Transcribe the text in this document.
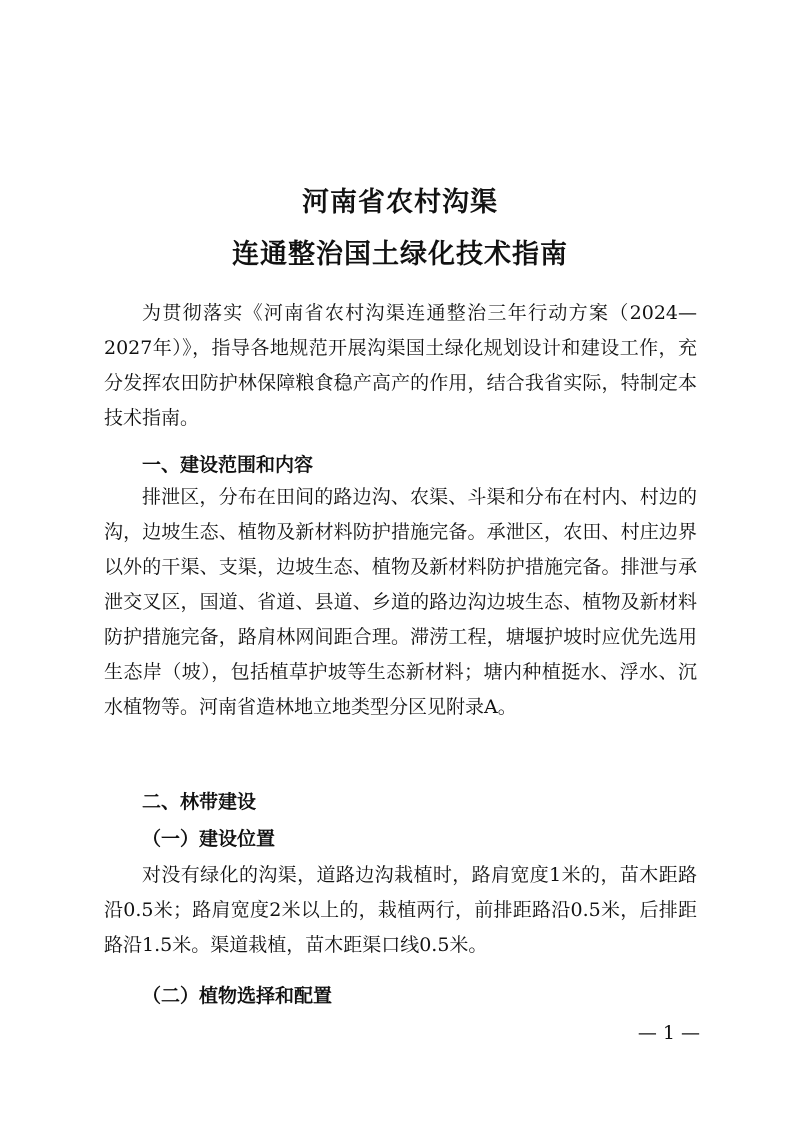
河南省农村沟渠
连通整治国土绿化技术指南

为贯彻落实《河南省农村沟渠连通整治三年行动方案（2024—2027年）》，指导各地规范开展沟渠国土绿化规划设计和建设工作，充分发挥农田防护林保障粮食稳产高产的作用，结合我省实际，特制定本技术指南。

一、建设范围和内容

排泄区，分布在田间的路边沟、农渠、斗渠和分布在村内、村边的沟，边坡生态、植物及新材料防护措施完备。承泄区，农田、村庄边界以外的干渠、支渠，边坡生态、植物及新材料防护措施完备。排泄与承泄交叉区，国道、省道、县道、乡道的路边沟边坡生态、植物及新材料防护措施完备，路肩林网间距合理。滞涝工程，塘堰护坡时应优先选用生态岸（坡），包括植草护坡等生态新材料；塘内种植挺水、浮水、沉水植物等。河南省造林地立地类型分区见附录A。

二、林带建设
（一）建设位置

对没有绿化的沟渠，道路边沟栽植时，路肩宽度1米的，苗木距路沿0.5米；路肩宽度2米以上的，栽植两行，前排距路沿0.5米，后排距路沿1.5米。渠道栽植，苗木距渠口线0.5米。

（二）植物选择和配置
— 1 —
